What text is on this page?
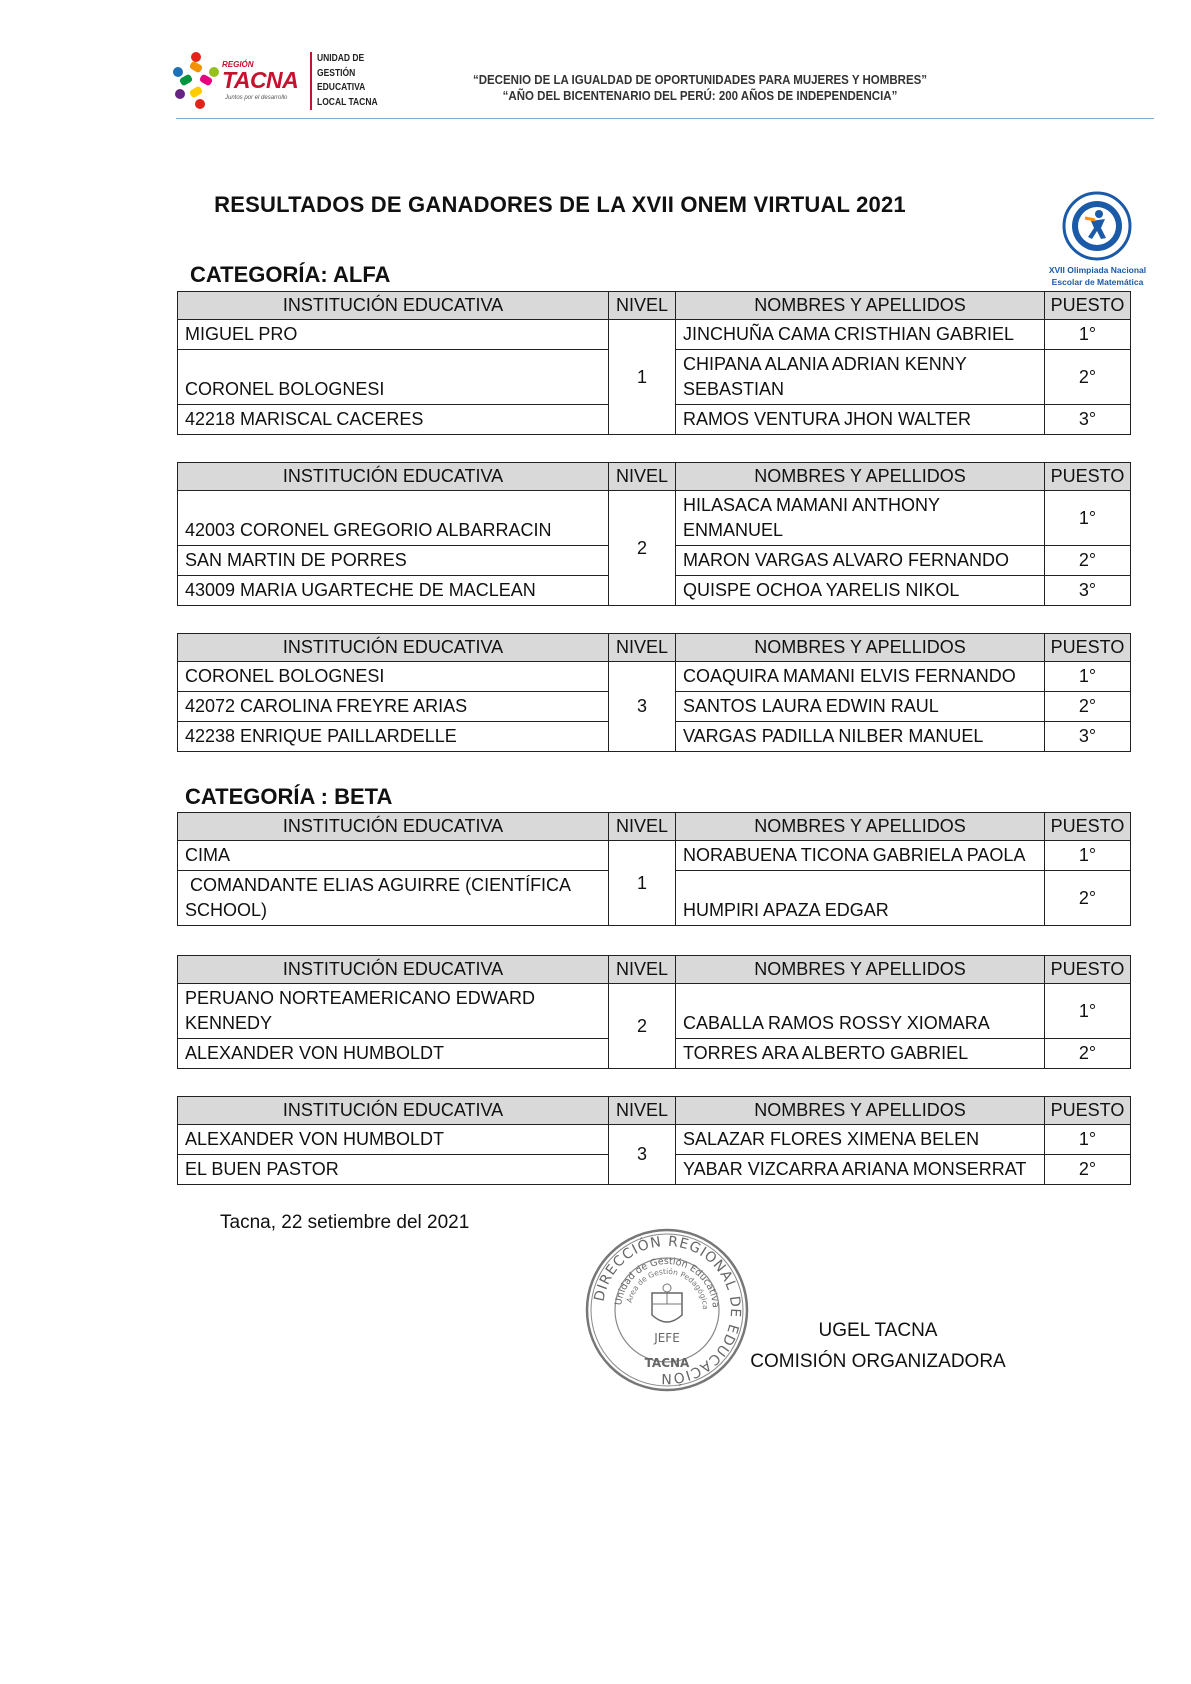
REGIÓN
TACNA
Juntos por el desarrollo
UNIDAD DE
GESTIÓN
EDUCATIVA
LOCAL TACNA
“DECENIO DE LA IGUALDAD DE OPORTUNIDADES PARA MUJERES Y HOMBRES”
“AÑO DEL BICENTENARIO DEL PERÚ: 200 AÑOS DE INDEPENDENCIA”
XVII Olimpiada Nacional
Escolar de Matemática
RESULTADOS DE GANADORES DE LA XVII ONEM VIRTUAL 2021
CATEGORÍA: ALFA
INSTITUCIÓN EDUCATIVA	NIVEL	NOMBRES Y APELLIDOS	PUESTO
MIGUEL PRO	1	JINCHUÑA CAMA CRISTHIAN GABRIEL	1°
CORONEL BOLOGNESI		CHIPANA ALANIA ADRIAN KENNY SEBASTIAN	2°
42218 MARISCAL CACERES		RAMOS VENTURA JHON WALTER	3°
INSTITUCIÓN EDUCATIVA	NIVEL	NOMBRES Y APELLIDOS	PUESTO
42003 CORONEL GREGORIO ALBARRACIN	2	HILASACA MAMANI ANTHONY ENMANUEL	1°
SAN MARTIN DE PORRES		MARON VARGAS ALVARO FERNANDO	2°
43009 MARIA UGARTECHE DE MACLEAN		QUISPE OCHOA YARELIS NIKOL	3°
INSTITUCIÓN EDUCATIVA	NIVEL	NOMBRES Y APELLIDOS	PUESTO
CORONEL BOLOGNESI	3	COAQUIRA MAMANI ELVIS FERNANDO	1°
42072 CAROLINA FREYRE ARIAS		SANTOS LAURA EDWIN RAUL	2°
42238 ENRIQUE PAILLARDELLE		VARGAS PADILLA NILBER MANUEL	3°
CATEGORÍA : BETA
INSTITUCIÓN EDUCATIVA	NIVEL	NOMBRES Y APELLIDOS	PUESTO
CIMA	1	NORABUENA TICONA GABRIELA PAOLA	1°
COMANDANTE ELIAS AGUIRRE (CIENTÍFICA SCHOOL)		HUMPIRI APAZA EDGAR	2°
INSTITUCIÓN EDUCATIVA	NIVEL	NOMBRES Y APELLIDOS	PUESTO
PERUANO NORTEAMERICANO EDWARD KENNEDY	2	CABALLA RAMOS ROSSY XIOMARA	1°
ALEXANDER VON HUMBOLDT		TORRES ARA ALBERTO GABRIEL	2°
INSTITUCIÓN EDUCATIVA	NIVEL	NOMBRES Y APELLIDOS	PUESTO
ALEXANDER VON HUMBOLDT	3	SALAZAR FLORES XIMENA BELEN	1°
EL BUEN PASTOR		YABAR VIZCARRA ARIANA MONSERRAT	2°
Tacna, 22 setiembre del 2021
DIRECCIÓN REGIONAL DE EDUCACIÓN
Unidad de Gestión Educativa
Área de Gestión Pedagógica
JEFE
TACNA
UGEL TACNA
COMISIÓN ORGANIZADORA
